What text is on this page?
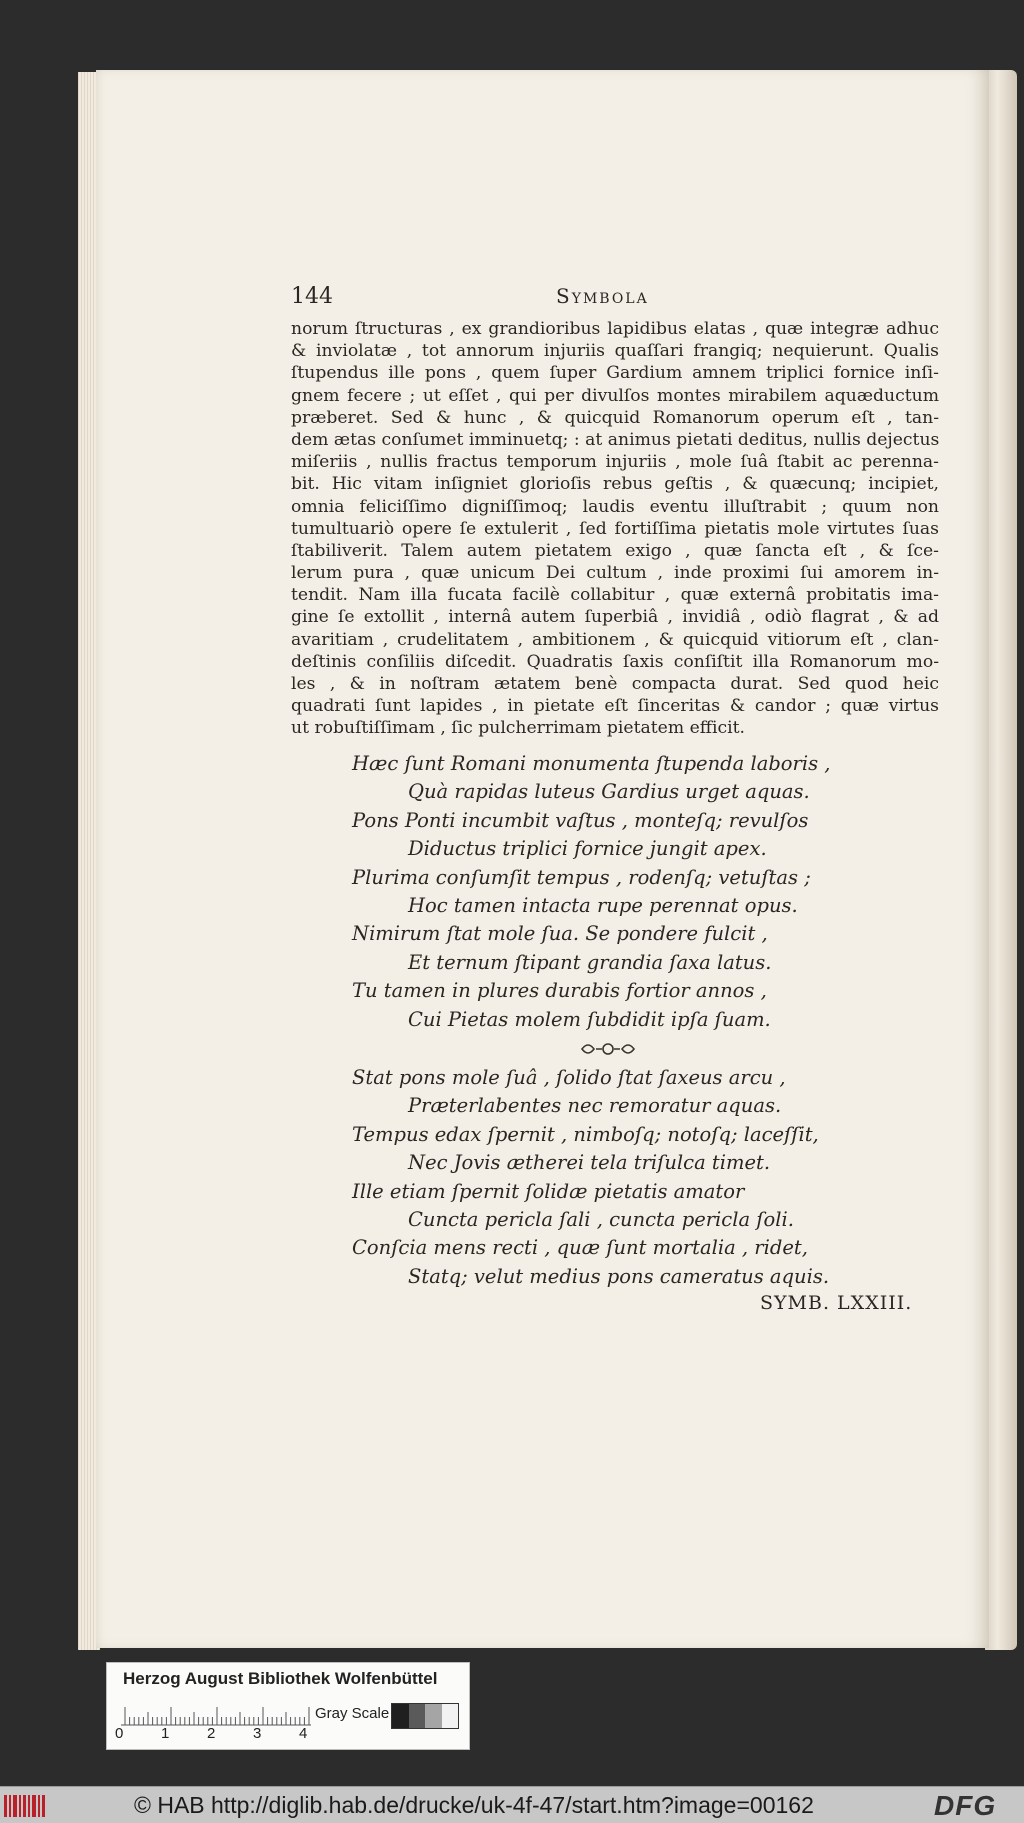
144	Symbola
norum ſtructuras , ex grandioribus lapidibus elatas , quæ integræ adhuc
& inviolatæ , tot annorum injuriis quaſſari frangiq; nequierunt. Qualis
ſtupendus ille pons , quem ſuper Gardium amnem triplici fornice inſi-
gnem fecere ; ut eſſet , qui per divulſos montes mirabilem aquæductum
præberet. Sed & hunc , & quicquid Romanorum operum eſt , tan-
dem ætas conſumet imminuetq; : at animus pietati deditus, nullis dejectus
miſeriis , nullis fractus temporum injuriis , mole ſuâ ſtabit ac perenna-
bit. Hic vitam inſigniet glorioſis rebus geſtis , & quæcunq; incipiet,
omnia feliciſſimo digniſſimoq; laudis eventu illuſtrabit ; quum non
tumultuariò opere ſe extulerit , ſed fortiſſima pietatis mole virtutes ſuas
ſtabiliverit. Talem autem pietatem exigo , quæ ſancta eſt , & ſce-
lerum pura , quæ unicum Dei cultum , inde proximi ſui amorem in-
tendit. Nam illa fucata facilè collabitur , quæ externâ probitatis ima-
gine ſe extollit , internâ autem ſuperbiâ , invidiâ , odiò flagrat , & ad
avaritiam , crudelitatem , ambitionem , & quicquid vitiorum eſt , clan-
deſtinis conſiliis diſcedit. Quadratis ſaxis conſiſtit illa Romanorum mo-
les , & in noſtram ætatem benè compacta durat. Sed quod heic
quadrati ſunt lapides , in pietate eſt ſinceritas & candor ; quæ virtus
ut robuſtiſſimam , ſic pulcherrimam pietatem efficit.
Hæc ſunt Romani monumenta ſtupenda laboris ,
Quà rapidas luteus Gardius urget aquas.
Pons Ponti incumbit vaſtus , monteſq; revulſos
Diductus triplici fornice jungit apex.
Plurima conſumſit tempus , rodenſq; vetuſtas ;
Hoc tamen intacta rupe perennat opus.
Nimirum ſtat mole ſua. Se pondere fulcit ,
Et ternum ſtipant grandia ſaxa latus.
Tu tamen in plures durabis fortior annos ,
Cui Pietas molem ſubdidit ipſa ſuam.
Stat pons mole ſuâ , ſolido ſtat ſaxeus arcu ,
Præterlabentes nec remoratur aquas.
Tempus edax ſpernit , nimboſq; notoſq; laceſſit,
Nec Jovis ætherei tela triſulca timet.
Ille etiam ſpernit ſolidæ pietatis amator
Cuncta pericla ſali , cuncta pericla ſoli.
Conſcia mens recti , quæ ſunt mortalia , ridet,
Statq; velut medius pons cameratus aquis.
SYMB. LXXIII.
Herzog August Bibliothek Wolfenbüttel
0	1	2	3	4
Gray Scale
© HAB http://diglib.hab.de/drucke/uk-4f-47/start.htm?image=00162	DFG
